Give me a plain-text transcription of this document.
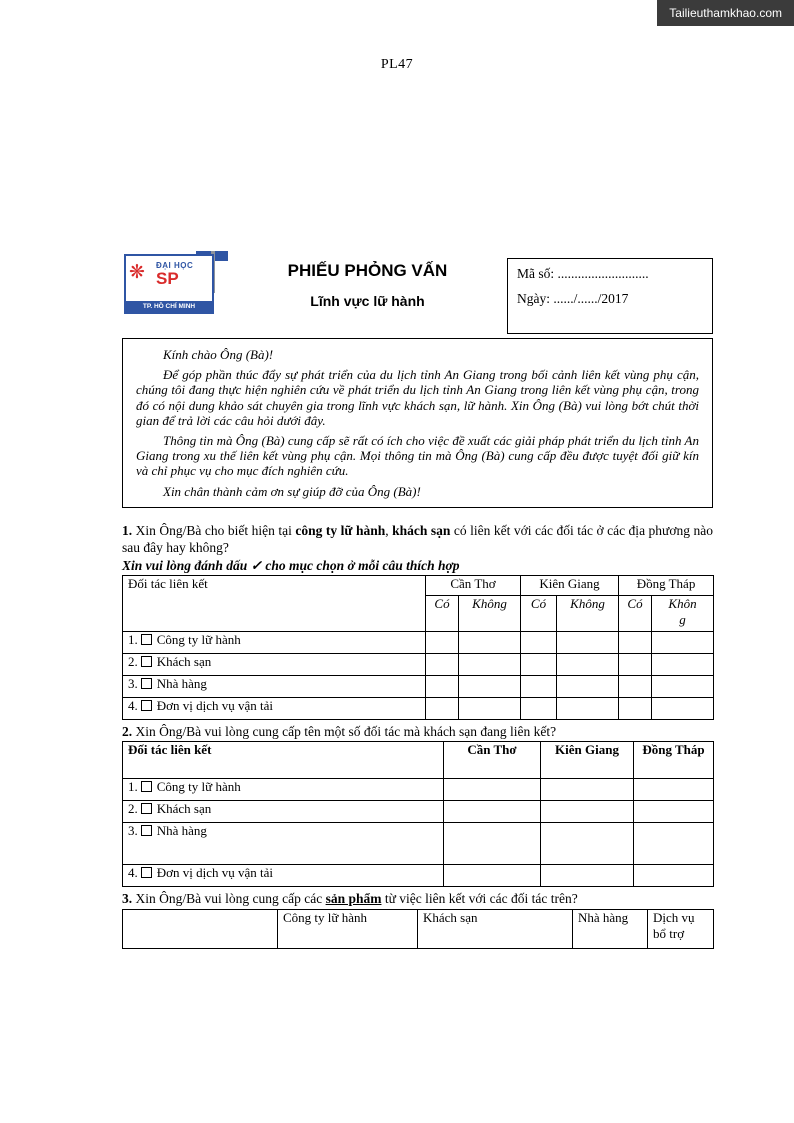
Tailieuthamkhao.com
PL47
❋ ĐẠI HỌC
SP
TP. HỒ CHÍ MINH
PHIẾU PHỎNG VẤN
Lĩnh vực lữ hành
Mã số: ...........................
Ngày: ....../....../2017

Kính chào Ông (Bà)!

Để góp phần thúc đẩy sự phát triển của du lịch tỉnh An Giang trong bối cảnh liên kết vùng phụ cận, chúng tôi đang thực hiện nghiên cứu về phát triển du lịch tỉnh An Giang trong liên kết vùng phụ cận, trong đó có nội dung khảo sát chuyên gia trong lĩnh vực khách sạn, lữ hành. Xin Ông (Bà) vui lòng bớt chút thời gian để trả lời các câu hỏi dưới đây.

Thông tin mà Ông (Bà) cung cấp sẽ rất có ích cho việc đề xuất các giải pháp phát triển du lịch tỉnh An Giang trong xu thế liên kết vùng phụ cận. Mọi thông tin mà Ông (Bà) cung cấp đều được tuyệt đối giữ kín và chỉ phục vụ cho mục đích nghiên cứu.

Xin chân thành cảm ơn sự giúp đỡ của Ông (Bà)!

1. Xin Ông/Bà cho biết hiện tại công ty lữ hành, khách sạn có liên kết với các đối tác ở các địa phương nào sau đây hay không?

Xin vui lòng đánh dấu ✓ cho mục chọn ở mỗi câu thích hợp

Đối tác liên kết	Cần Thơ		Kiên Giang		Đồng Tháp	
	Có	Không	Có	Không	Có	Không
1. Công ty lữ hành						
2. Khách sạn						
3. Nhà hàng						
4. Đơn vị dịch vụ vận tải						

2. Xin Ông/Bà vui lòng cung cấp tên một số đối tác mà khách sạn đang liên kết?

Đối tác liên kết	Cần Thơ	Kiên Giang	Đồng Tháp
1. Công ty lữ hành			
2. Khách sạn			
3. Nhà hàng			
4. Đơn vị dịch vụ vận tải			

3. Xin Ông/Bà vui lòng cung cấp các sản phẩm từ việc liên kết với các đối tác trên?

	Công ty lữ hành	Khách sạn	Nhà hàng	Dịch vụ bổ trợ
